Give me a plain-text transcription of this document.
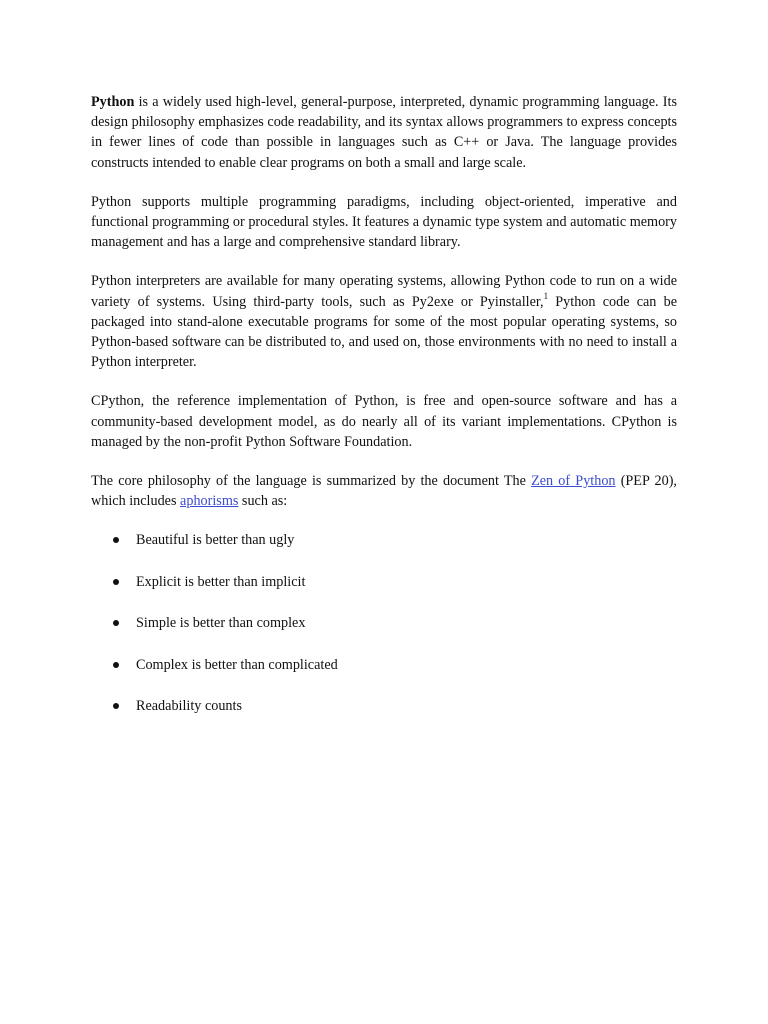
Python is a widely used high-level, general-purpose, interpreted, dynamic programming language. Its design philosophy emphasizes code readability, and its syntax allows programmers to express concepts in fewer lines of code than possible in languages such as C++ or Java. The language provides constructs intended to enable clear programs on both a small and large scale.

Python supports multiple programming paradigms, including object-oriented, imperative and functional programming or procedural styles. It features a dynamic type system and automatic memory management and has a large and comprehensive standard library.

Python interpreters are available for many operating systems, allowing Python code to run on a wide variety of systems. Using third-party tools, such as Py2exe or Pyinstaller,$^1$ Python code can be packaged into stand-alone executable programs for some of the most popular operating systems, so Python-based software can be distributed to, and used on, those environments with no need to install a Python interpreter.

CPython, the reference implementation of Python, is free and open-source software and has a community-based development model, as do nearly all of its variant implementations. CPython is managed by the non-profit Python Software Foundation.

The core philosophy of the language is summarized by the document The Zen of Python (PEP 20), which includes aphorisms such as:

Beautiful is better than ugly
Explicit is better than implicit
Simple is better than complex
Complex is better than complicated
Readability counts
